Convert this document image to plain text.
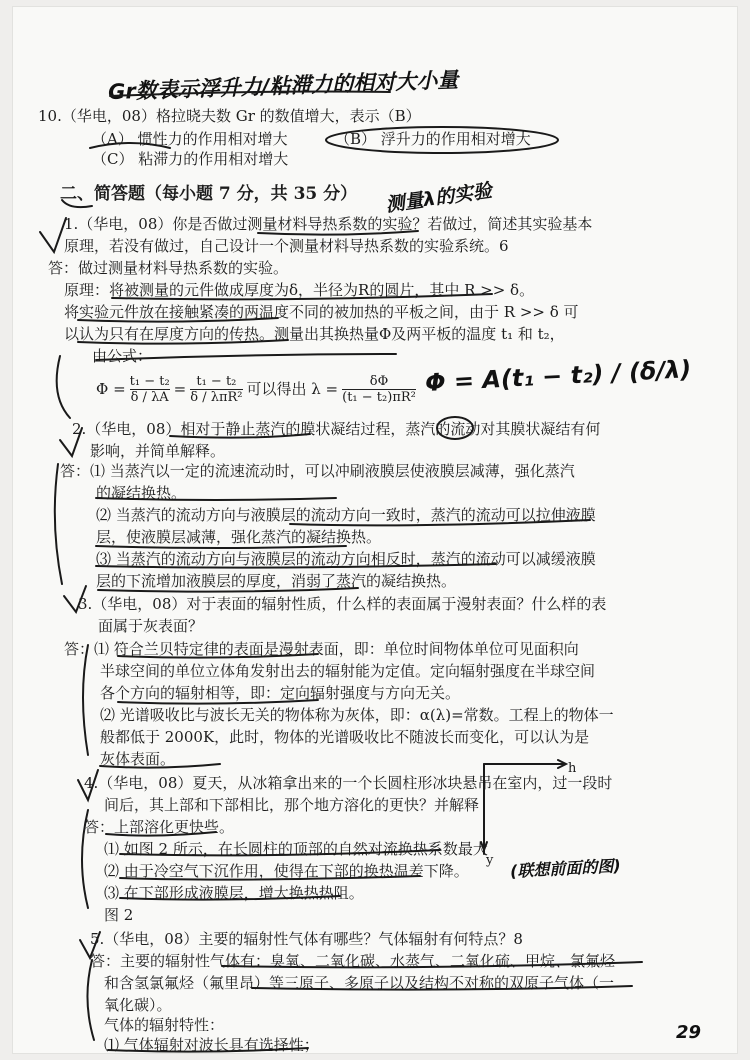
Gr数表示浮升力/粘滞力的相对大小量
10.（华电，08）格拉晓夫数 Gr 的数值增大，表示（B）
（A） 惯性力的作用相对增大	（B） 浮升力的作用相对增大
（C） 粘滞力的作用相对增大
二、简答题（每小题 7 分，共 35 分） 测量λ的实验
1.（华电，08）你是否做过测量材料导热系数的实验？若做过，简述其实验基本
原理，若没有做过，自己设计一个测量材料导热系数的实验系统。6
答：做过测量材料导热系数的实验。
原理：将被测量的元件做成厚度为δ，半径为R的圆片，其中 R >> δ。
将实验元件放在接触紧凑的两温度不同的被加热的平板之间，由于 R >> δ 可
以认为只有在厚度方向的传热。测量出其换热量Φ及两平板的温度 t₁ 和 t₂，
由公式：
$\Phi = \frac{\text{t₁ − t₂}}{\delta / \lambda A} = \frac{\text{t₁ − t₂}}{\text{δ / λπR²}}$ 可以得出 $\lambda = \frac{\delta\Phi}{\text{(t₁ − t₂)πR²}}$ Φ = A(t₁ − t₂) / (δ/λ)
2.（华电，08）相对于静止蒸汽的膜状凝结过程，蒸汽的流动对其膜状凝结有何
影响，并简单解释。
答：⑴ 当蒸汽以一定的流速流动时，可以冲刷液膜层使液膜层减薄，强化蒸汽
的凝结换热。
⑵ 当蒸汽的流动方向与液膜层的流动方向一致时，蒸汽的流动可以拉伸液膜
层，使液膜层减薄，强化蒸汽的凝结换热。
⑶ 当蒸汽的流动方向与液膜层的流动方向相反时，蒸汽的流动可以减缓液膜
层的下流增加液膜层的厚度，消弱了蒸汽的凝结换热。
3.（华电，08）对于表面的辐射性质，什么样的表面属于漫射表面？什么样的表
面属于灰表面？
答：⑴ 符合兰贝特定律的表面是漫射表面，即：单位时间物体单位可见面积向
半球空间的单位立体角发射出去的辐射能为定值。定向辐射强度在半球空间
各个方向的辐射相等，即：定向辐射强度与方向无关。
⑵ 光谱吸收比与波长无关的物体称为灰体，即：α(λ)=常数。工程上的物体一
般都低于 2000K，此时，物体的光谱吸收比不随波长而变化，可以认为是
灰体表面。
4.（华电，08）夏天，从冰箱拿出来的一个长圆柱形冰块悬吊在室内，过一段时
间后，其上部和下部相比，那个地方溶化的更快？并解释
答：上部溶化更快些。
⑴ 如图 2 所示，在长圆柱的顶部的自然对流换热系数最大
⑵ 由于冷空气下沉作用，使得在下部的换热温差下降。
⑶ 在下部形成液膜层，增大换热热阻。
图 2
h
y (联想前面的图)
5.（华电，08）主要的辐射性气体有哪些？气体辐射有何特点？8
答：主要的辐射性气体有：臭氧、二氧化碳、水蒸气、二氧化硫、甲烷、氯氟烃
和含氢氯氟烃（氟里昂）等三原子、多原子以及结构不对称的双原子气体（一
氧化碳）。
气体的辐射特性：
⑴ 气体辐射对波长具有选择性；
29
